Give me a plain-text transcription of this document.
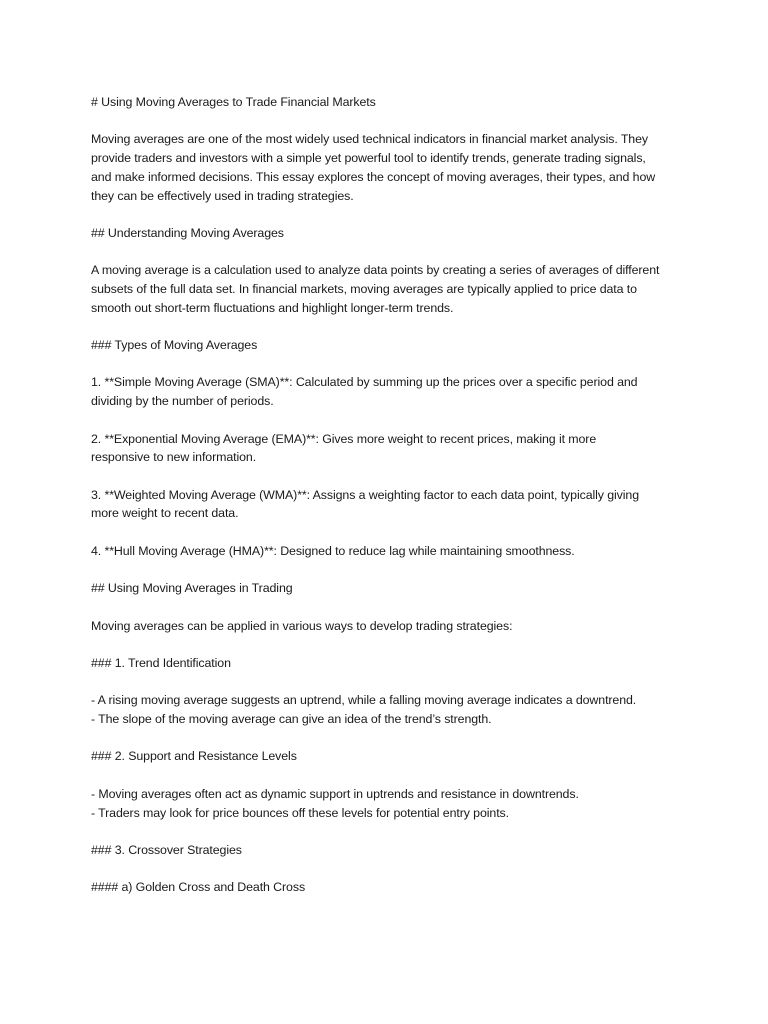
# Using Moving Averages to Trade Financial Markets

Moving averages are one of the most widely used technical indicators in financial market analysis. They
provide traders and investors with a simple yet powerful tool to identify trends, generate trading signals,
and make informed decisions. This essay explores the concept of moving averages, their types, and how
they can be effectively used in trading strategies.

## Understanding Moving Averages

A moving average is a calculation used to analyze data points by creating a series of averages of different
subsets of the full data set. In financial markets, moving averages are typically applied to price data to
smooth out short-term fluctuations and highlight longer-term trends.

### Types of Moving Averages

1. **Simple Moving Average (SMA)**: Calculated by summing up the prices over a specific period and
dividing by the number of periods.

2. **Exponential Moving Average (EMA)**: Gives more weight to recent prices, making it more
responsive to new information.

3. **Weighted Moving Average (WMA)**: Assigns a weighting factor to each data point, typically giving
more weight to recent data.

4. **Hull Moving Average (HMA)**: Designed to reduce lag while maintaining smoothness.

## Using Moving Averages in Trading

Moving averages can be applied in various ways to develop trading strategies:

### 1. Trend Identification

- A rising moving average suggests an uptrend, while a falling moving average indicates a downtrend.
- The slope of the moving average can give an idea of the trend’s strength.

### 2. Support and Resistance Levels

- Moving averages often act as dynamic support in uptrends and resistance in downtrends.
- Traders may look for price bounces off these levels for potential entry points.

### 3. Crossover Strategies

#### a) Golden Cross and Death Cross
